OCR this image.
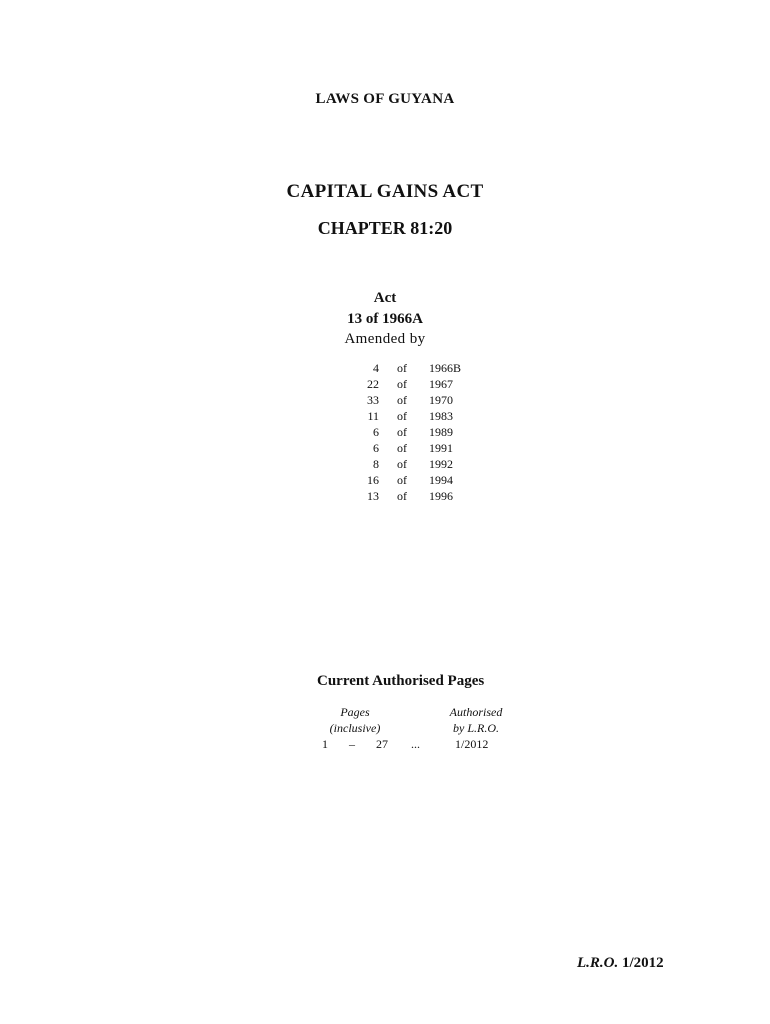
LAWS OF GUYANA
CAPITAL GAINS ACT
CHAPTER 81:20
Act
13 of 1966A
Amended by
4 of 1966B
22 of 1967
33 of 1970
11 of 1983
6 of 1989
6 of 1991
8 of 1992
16 of 1994
13 of 1996
Current Authorised Pages
Pages	Authorised
(inclusive)	by L.R.O.
1 – 27 ...	1/2012
L.R.O. 1/2012
